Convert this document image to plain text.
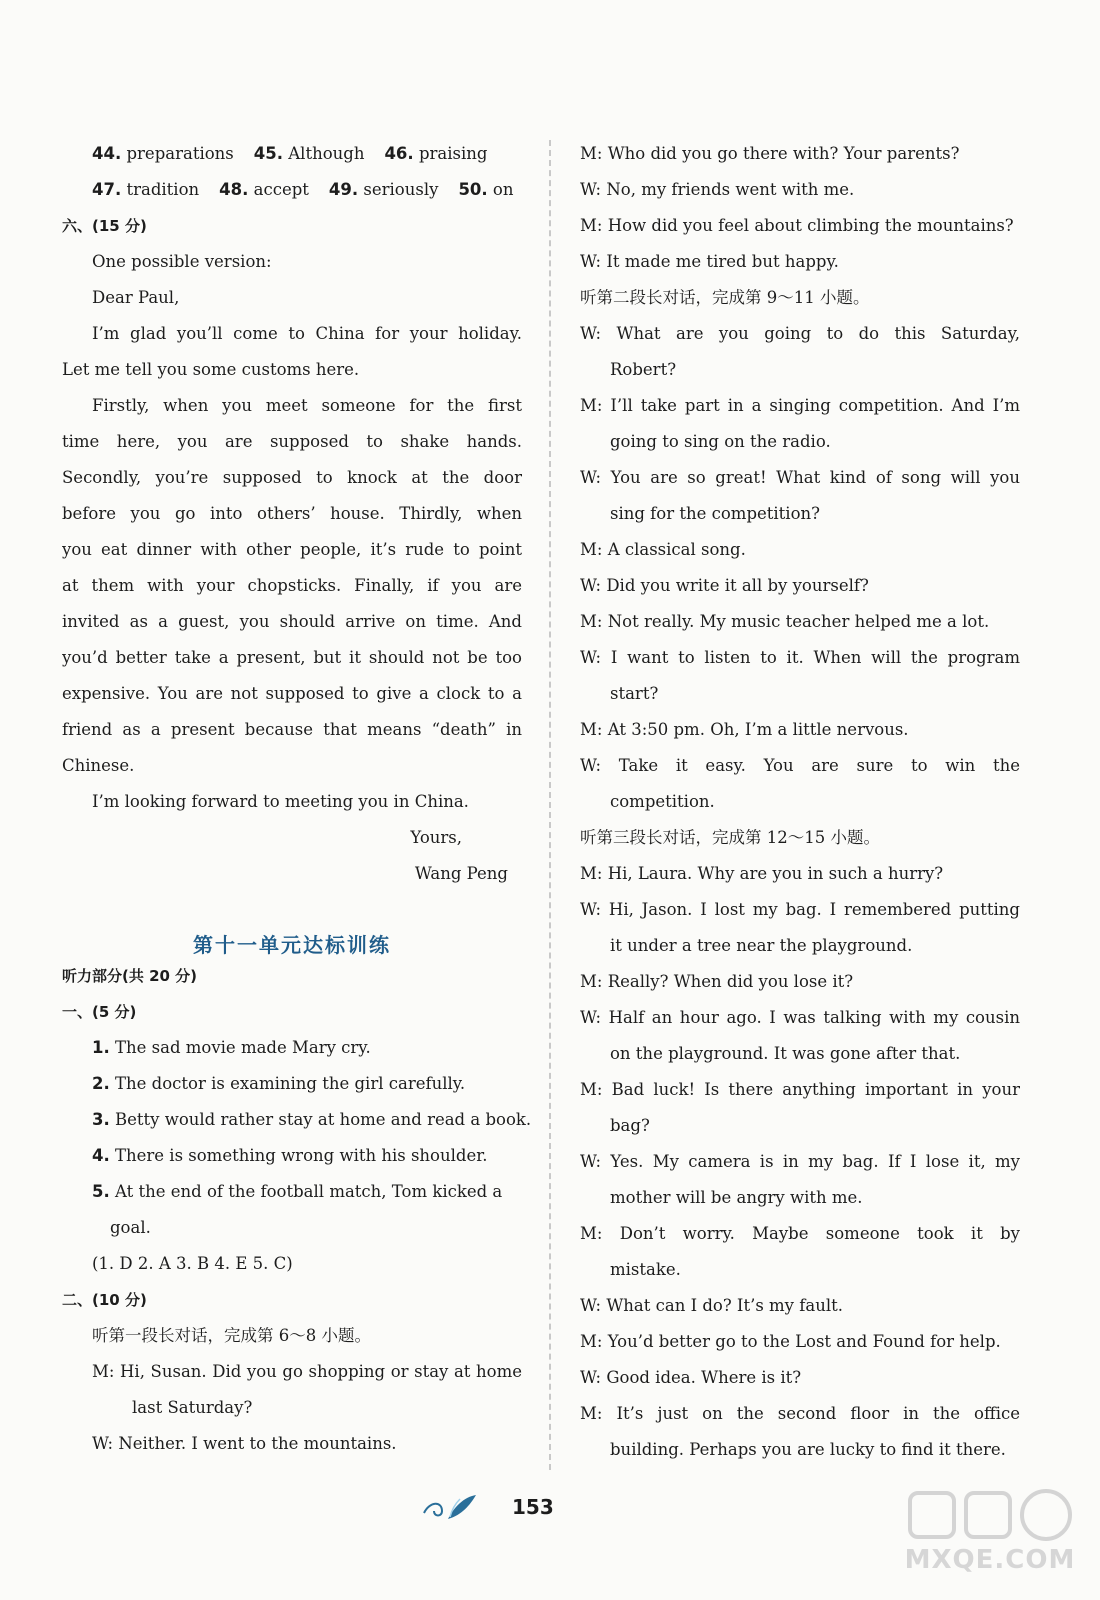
44. preparations 45. Although 46. praising
47. tradition 48. accept 49. seriously 50. on
六、(15 分)
One possible version:
Dear Paul,
I’m glad you’ll come to China for your holiday.
Let me tell you some customs here.
Firstly, when you meet someone for the first
time here, you are supposed to shake hands.
Secondly, you’re supposed to knock at the door
before you go into others’ house. Thirdly, when
you eat dinner with other people, it’s rude to point
at them with your chopsticks. Finally, if you are
invited as a guest, you should arrive on time. And
you’d better take a present, but it should not be too
expensive. You are not supposed to give a clock to a
friend as a present because that means “death” in
Chinese.
I’m looking forward to meeting you in China.
Yours,
Wang Peng
第十一单元达标训练
听力部分(共 20 分)
一、(5 分)
1. The sad movie made Mary cry.
2. The doctor is examining the girl carefully.
3. Betty would rather stay at home and read a book.
4. There is something wrong with his shoulder.
5. At the end of the football match, Tom kicked a
goal.
(1. D 2. A 3. B 4. E 5. C)
二、(10 分)
听第一段长对话，完成第 6～8 小题。
M: Hi, Susan. Did you go shopping or stay at home
last Saturday?
W: Neither. I went to the mountains.
M: Who did you go there with? Your parents?
W: No, my friends went with me.
M: How did you feel about climbing the mountains?
W: It made me tired but happy.
听第二段长对话，完成第 9～11 小题。
W: What are you going to do this Saturday,
Robert?
M: I’ll take part in a singing competition. And I’m
going to sing on the radio.
W: You are so great! What kind of song will you
sing for the competition?
M: A classical song.
W: Did you write it all by yourself?
M: Not really. My music teacher helped me a lot.
W: I want to listen to it. When will the program
start?
M: At 3:50 pm. Oh, I’m a little nervous.
W: Take it easy. You are sure to win the
competition.
听第三段长对话，完成第 12～15 小题。
M: Hi, Laura. Why are you in such a hurry?
W: Hi, Jason. I lost my bag. I remembered putting
it under a tree near the playground.
M: Really? When did you lose it?
W: Half an hour ago. I was talking with my cousin
on the playground. It was gone after that.
M: Bad luck! Is there anything important in your
bag?
W: Yes. My camera is in my bag. If I lose it, my
mother will be angry with me.
M: Don’t worry. Maybe someone took it by
mistake.
W: What can I do? It’s my fault.
M: You’d better go to the Lost and Found for help.
W: Good idea. Where is it?
M: It’s just on the second floor in the office
building. Perhaps you are lucky to find it there.
153
MXQE.COM
